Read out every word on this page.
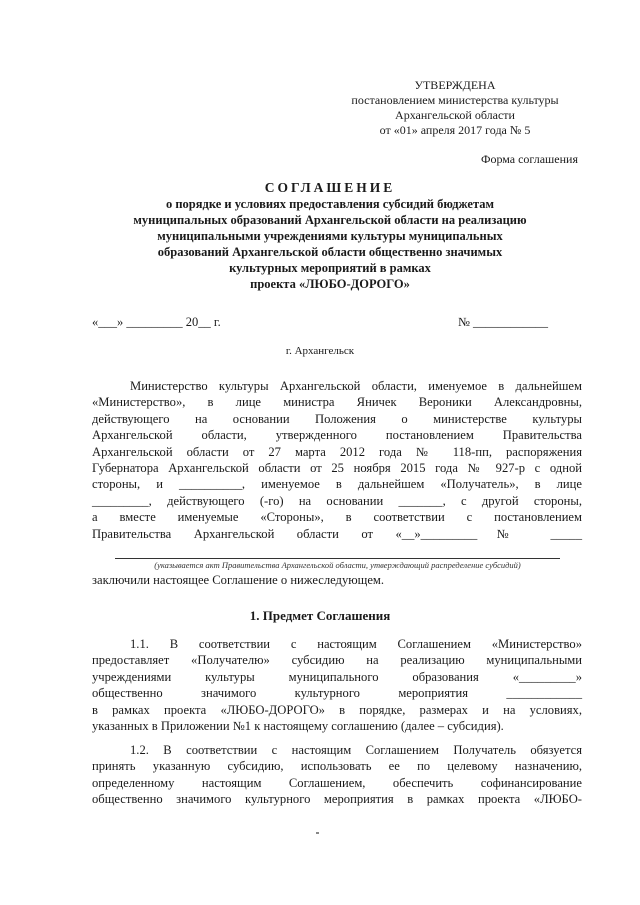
УТВЕРЖДЕНА
постановлением министерства культуры
Архангельской области
от «01» апреля 2017 года № 5
Форма соглашения
СОГЛАШЕНИЕ
о порядке и условиях предоставления субсидий бюджетам
муниципальных образований Архангельской области на реализацию
муниципальными учреждениями культуры муниципальных
образований Архангельской области общественно значимых
культурных мероприятий в рамках
проекта «ЛЮБО-ДОРОГО»
«___» _________ 20__ г.	№ ____________
г. Архангельск
Министерство культуры Архангельской области, именуемое в дальнейшем
«Министерство», в лице министра Яничек Вероники Александровны,
действующего на основании Положения о министерстве культуры
Архангельской области, утвержденного постановлением Правительства
Архангельской области от 27 марта 2012 года № 118-пп, распоряжения
Губернатора Архангельской области от 25 ноября 2015 года № 927-р с одной
стороны, и __________, именуемое в дальнейшем «Получатель», в лице
_________, действующего (-го) на основании _______, с другой стороны,
а вместе именуемые «Стороны», в соответствии с постановлением
Правительства Архангельской области от «__»_________№ _____
(указывается акт Правительства Архангельской области, утверждающий распределение субсидий)
заключили настоящее Соглашение о нижеследующем.
1. Предмет Соглашения
1.1. В соответствии с настоящим Соглашением «Министерство»
предоставляет «Получателю» субсидию на реализацию муниципальными
учреждениями культуры муниципального образования «_________»
общественно значимого культурного мероприятия ____________
в рамках проекта «ЛЮБО-ДОРОГО» в порядке, размерах и на условиях,
указанных в Приложении №1 к настоящему соглашению (далее – субсидия).
1.2. В соответствии с настоящим Соглашением Получатель обязуется
принять указанную субсидию, использовать ее по целевому назначению,
определенному настоящим Соглашением, обеспечить софинансирование
общественно значимого культурного мероприятия в рамках проекта «ЛЮБО-
